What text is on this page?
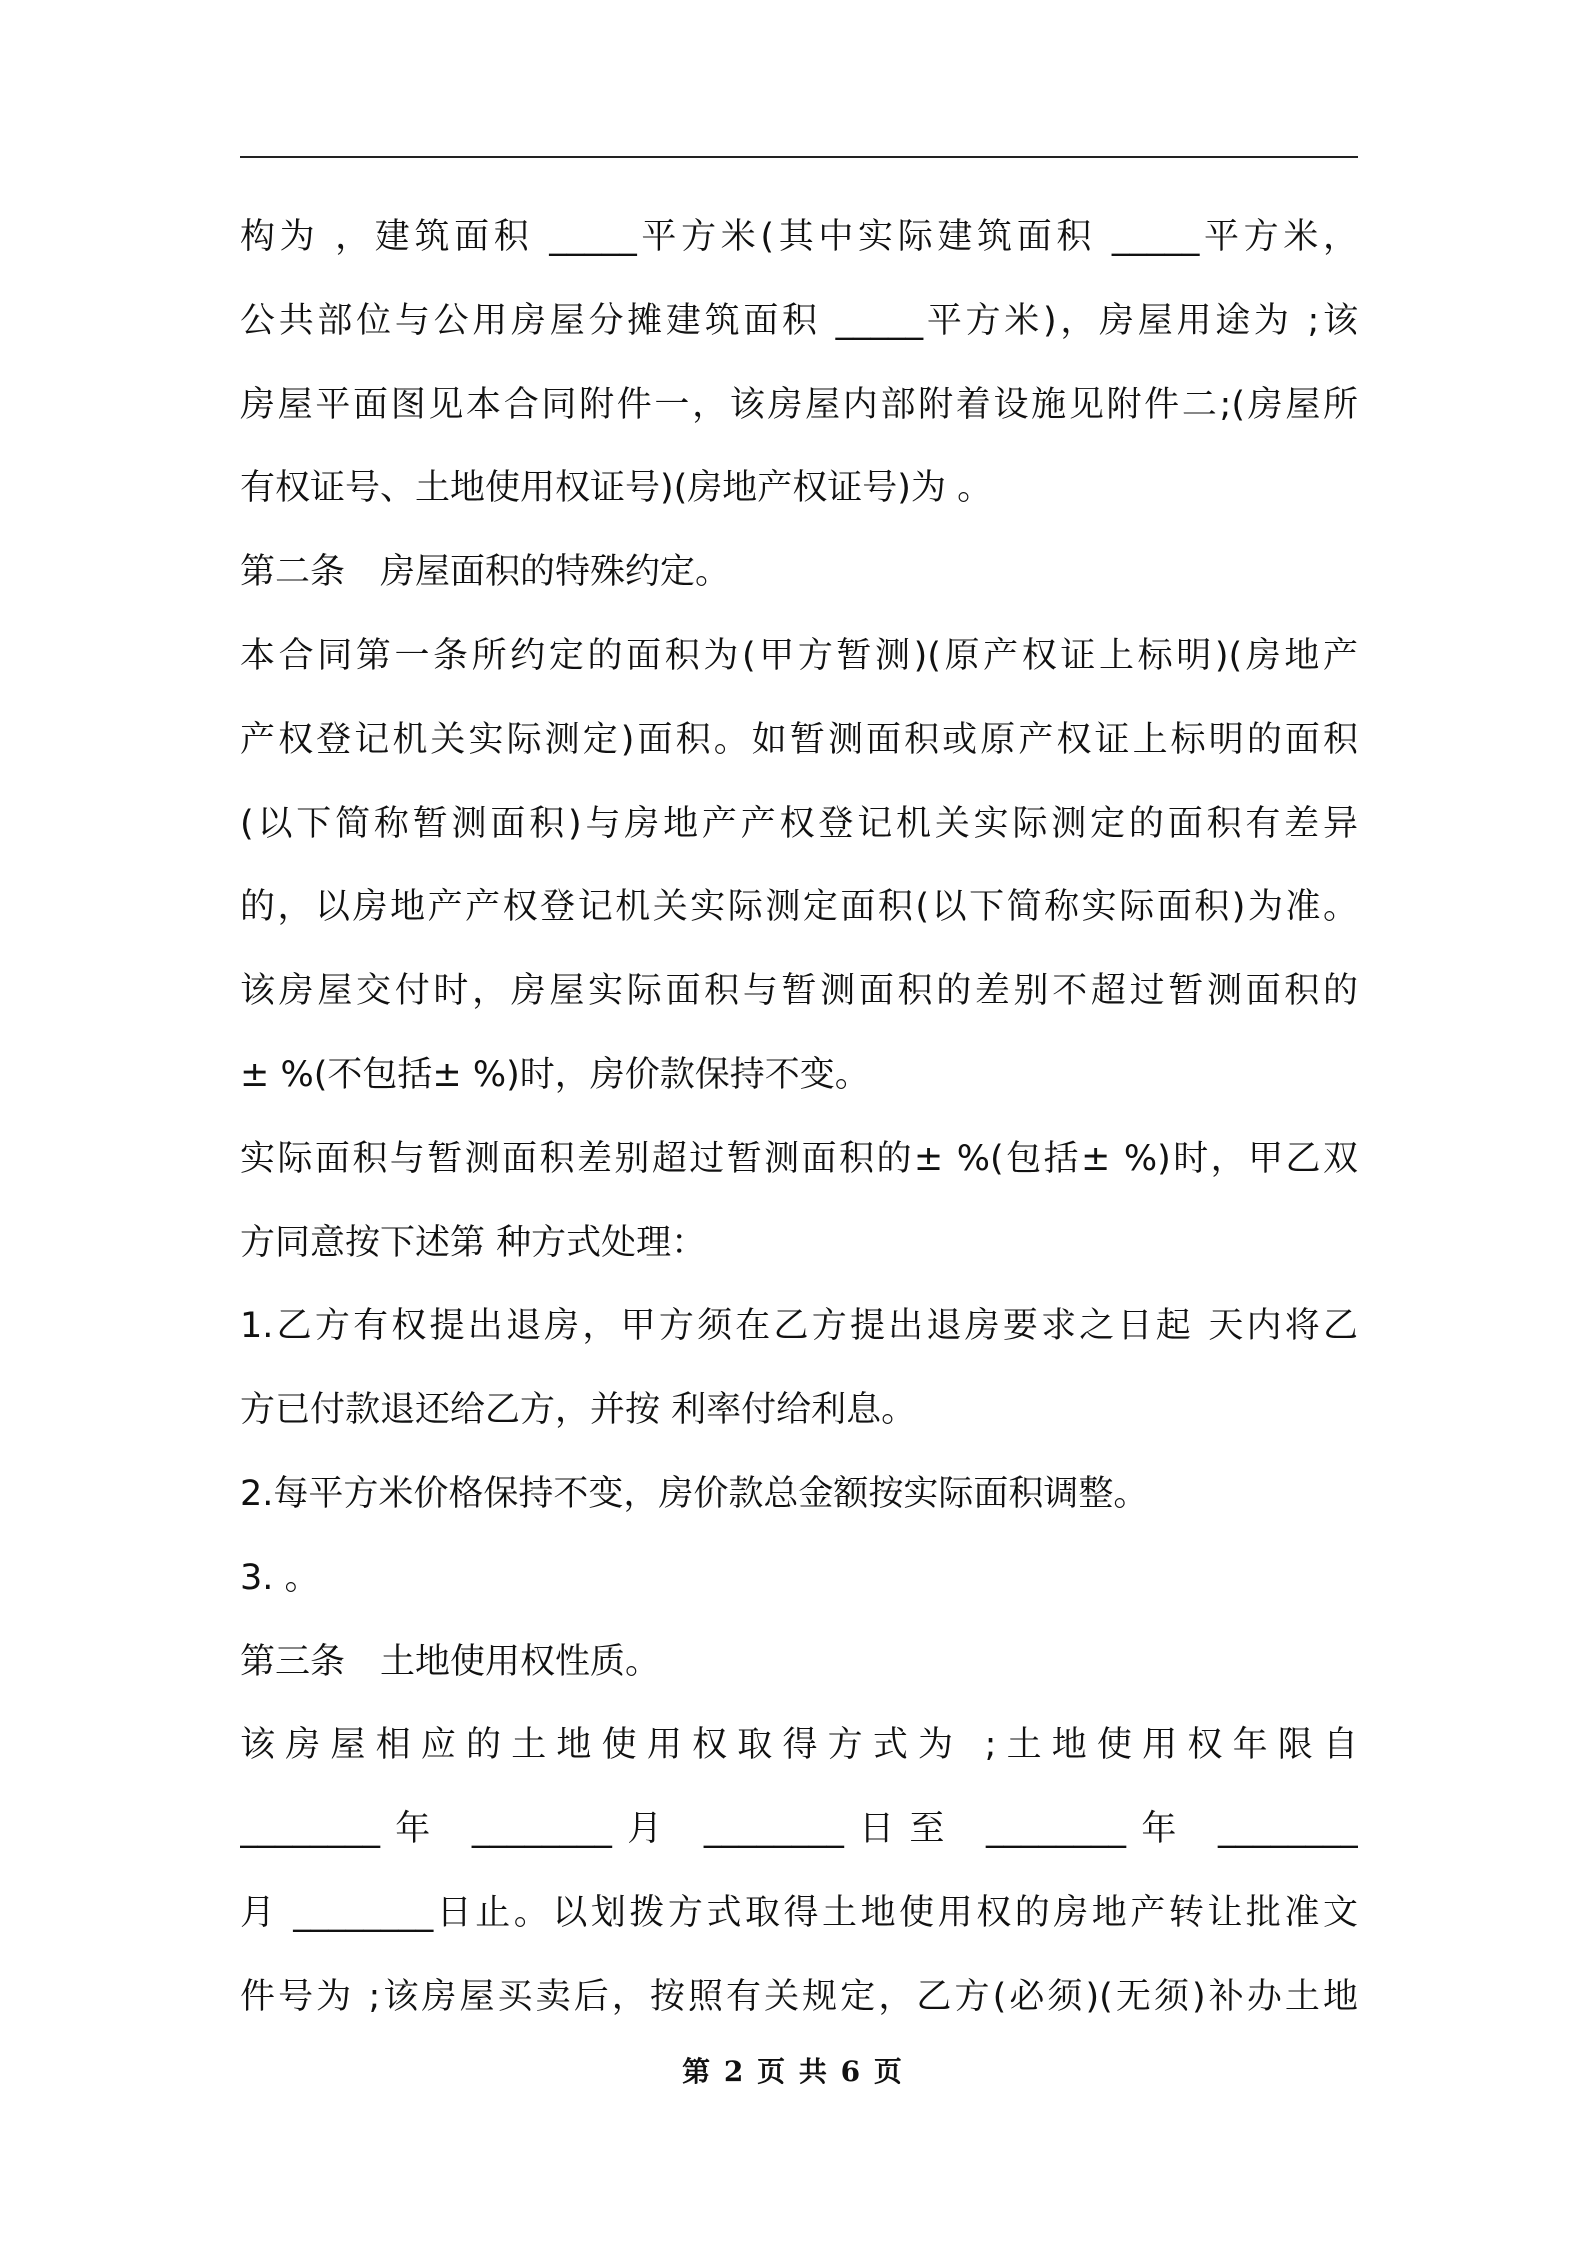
构为 ，建筑面积 _____平方米(其中实际建筑面积 _____平方米，
公共部位与公用房屋分摊建筑面积 _____平方米)，房屋用途为 ;该
房屋平面图见本合同附件一，该房屋内部附着设施见附件二;(房屋所
有权证号、土地使用权证号)(房地产权证号)为 。
第二条　房屋面积的特殊约定。
本合同第一条所约定的面积为(甲方暂测)(原产权证上标明)(房地产
产权登记机关实际测定)面积。如暂测面积或原产权证上标明的面积
(以下简称暂测面积)与房地产产权登记机关实际测定的面积有差异
的，以房地产产权登记机关实际测定面积(以下简称实际面积)为准。
该房屋交付时，房屋实际面积与暂测面积的差别不超过暂测面积的
± %(不包括± %)时，房价款保持不变。
实际面积与暂测面积差别超过暂测面积的± %(包括± %)时，甲乙双
方同意按下述第 种方式处理：
1.乙方有权提出退房，甲方须在乙方提出退房要求之日起 天内将乙
方已付款退还给乙方，并按 利率付给利息。
2.每平方米价格保持不变，房价款总金额按实际面积调整。
3. 。
第三条　土地使用权性质。
该房屋相应的土地使用权取得方式为 ;土地使用权年限自
________年 ________月 ________日至 ________年 ________
月 ________日止。以划拨方式取得土地使用权的房地产转让批准文
件号为 ;该房屋买卖后，按照有关规定，乙方(必须)(无须)补办土地
第 2 页 共 6 页
